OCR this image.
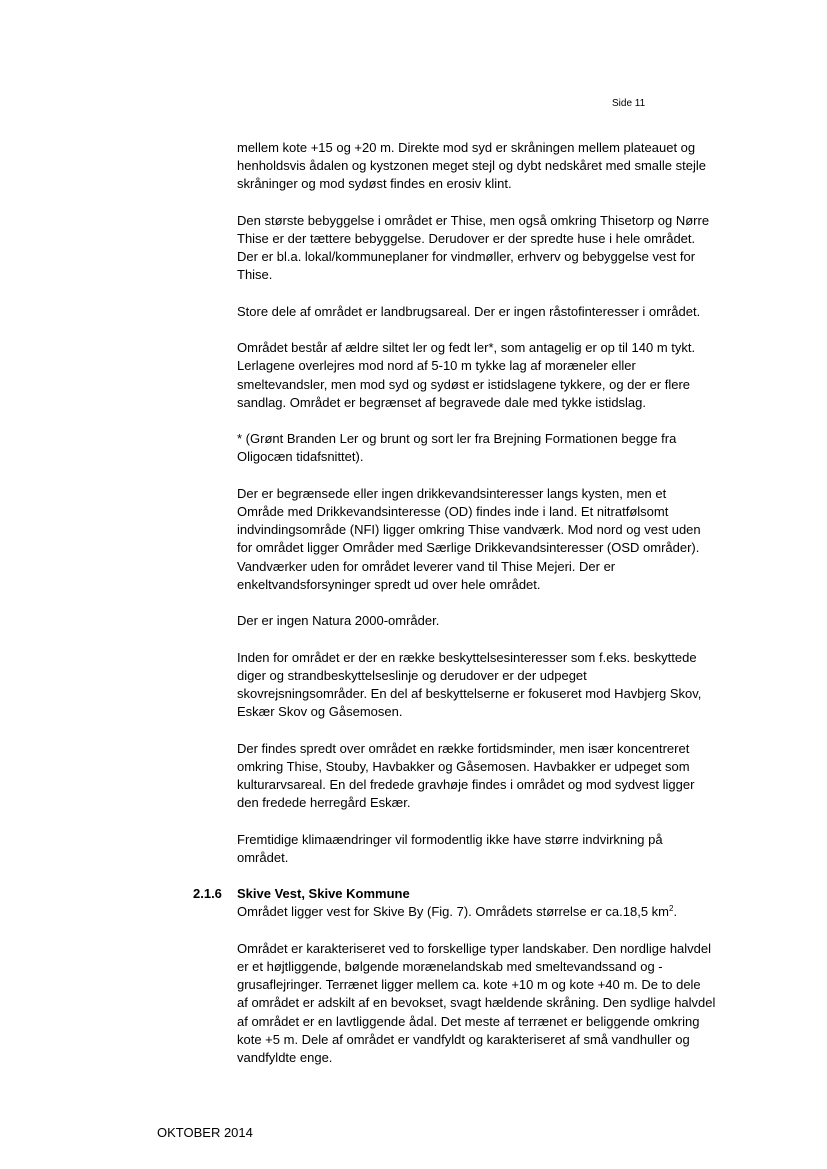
Side 11

mellem kote +15 og +20 m. Direkte mod syd er skråningen mellem plateauet og
henholdsvis ådalen og kystzonen meget stejl og dybt nedskåret med smalle stejle
skråninger og mod sydøst findes en erosiv klint.

Den største bebyggelse i området er Thise, men også omkring Thisetorp og Nørre
Thise er der tættere bebyggelse. Derudover er der spredte huse i hele området.
Der er bl.a. lokal/kommuneplaner for vindmøller, erhverv og bebyggelse vest for
Thise.

Store dele af området er landbrugsareal. Der er ingen råstofinteresser i området.

Området består af ældre siltet ler og fedt ler*, som antagelig er op til 140 m tykt.
Lerlagene overlejres mod nord af 5-10 m tykke lag af moræneler eller
smeltevandsler, men mod syd og sydøst er istidslagene tykkere, og der er flere
sandlag. Området er begrænset af begravede dale med tykke istidslag.

* (Grønt Branden Ler og brunt og sort ler fra Brejning Formationen begge fra
Oligocæn tidafsnittet).

Der er begrænsede eller ingen drikkevandsinteresser langs kysten, men et
Område med Drikkevandsinteresse (OD) findes inde i land. Et nitratfølsomt
indvindingsområde (NFI) ligger omkring Thise vandværk. Mod nord og vest uden
for området ligger Områder med Særlige Drikkevandsinteresser (OSD områder).
Vandværker uden for området leverer vand til Thise Mejeri. Der er
enkeltvandsforsyninger spredt ud over hele området.

Der er ingen Natura 2000-områder.

Inden for området er der en række beskyttelsesinteresser som f.eks. beskyttede
diger og strandbeskyttelseslinje og derudover er der udpeget
skovrejsningsområder. En del af beskyttelserne er fokuseret mod Havbjerg Skov,
Eskær Skov og Gåsemosen.

Der findes spredt over området en række fortidsminder, men især koncentreret
omkring Thise, Stouby, Havbakker og Gåsemosen. Havbakker er udpeget som
kulturarvsareal. En del fredede gravhøje findes i området og mod sydvest ligger
den fredede herregård Eskær.

Fremtidige klimaændringer vil formodentlig ikke have større indvirkning på
området.

2.1.6 Skive Vest, Skive Kommune

Området ligger vest for Skive By (Fig. 7). Områdets størrelse er ca.18,5 $km^2$.

Området er karakteriseret ved to forskellige typer landskaber. Den nordlige halvdel
er et højtliggende, bølgende morænelandskab med smeltevandssand og -
grusaflejringer. Terrænet ligger mellem ca. kote +10 m og kote +40 m. De to dele
af området er adskilt af en bevokset, svagt hældende skråning. Den sydlige halvdel
af området er en lavtliggende ådal. Det meste af terrænet er beliggende omkring
kote +5 m. Dele af området er vandfyldt og karakteriseret af små vandhuller og
vandfyldte enge.

OKTOBER 2014
